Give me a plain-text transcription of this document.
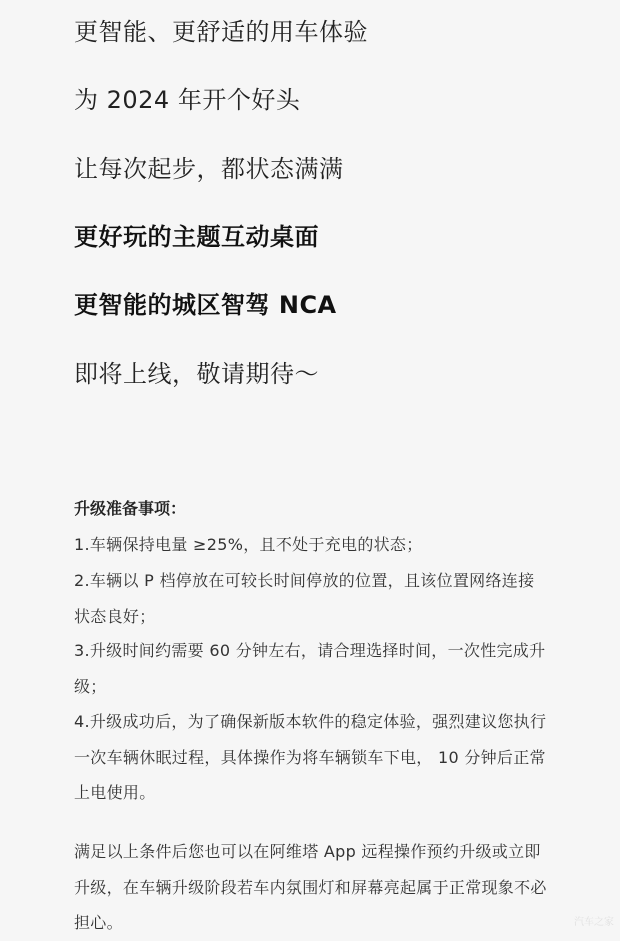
更智能、更舒适的用车体验
为 2024 年开个好头
让每次起步，都状态满满
更好玩的主题互动桌面
更智能的城区智驾 NCA
即将上线，敬请期待～
升级准备事项：
1.车辆保持电量 ≥25%，且不处于充电的状态；
2.车辆以 P 档停放在可较长时间停放的位置，且该位置网络连接状态良好；
3.升级时间约需要 60 分钟左右，请合理选择时间，一次性完成升级；
4.升级成功后，为了确保新版本软件的稳定体验，强烈建议您执行一次车辆休眠过程，具体操作为将车辆锁车下电， 10 分钟后正常上电使用。
满足以上条件后您也可以在阿维塔 App 远程操作预约升级或立即升级，在车辆升级阶段若车内氛围灯和屏幕亮起属于正常现象不必担心。	汽车之家
